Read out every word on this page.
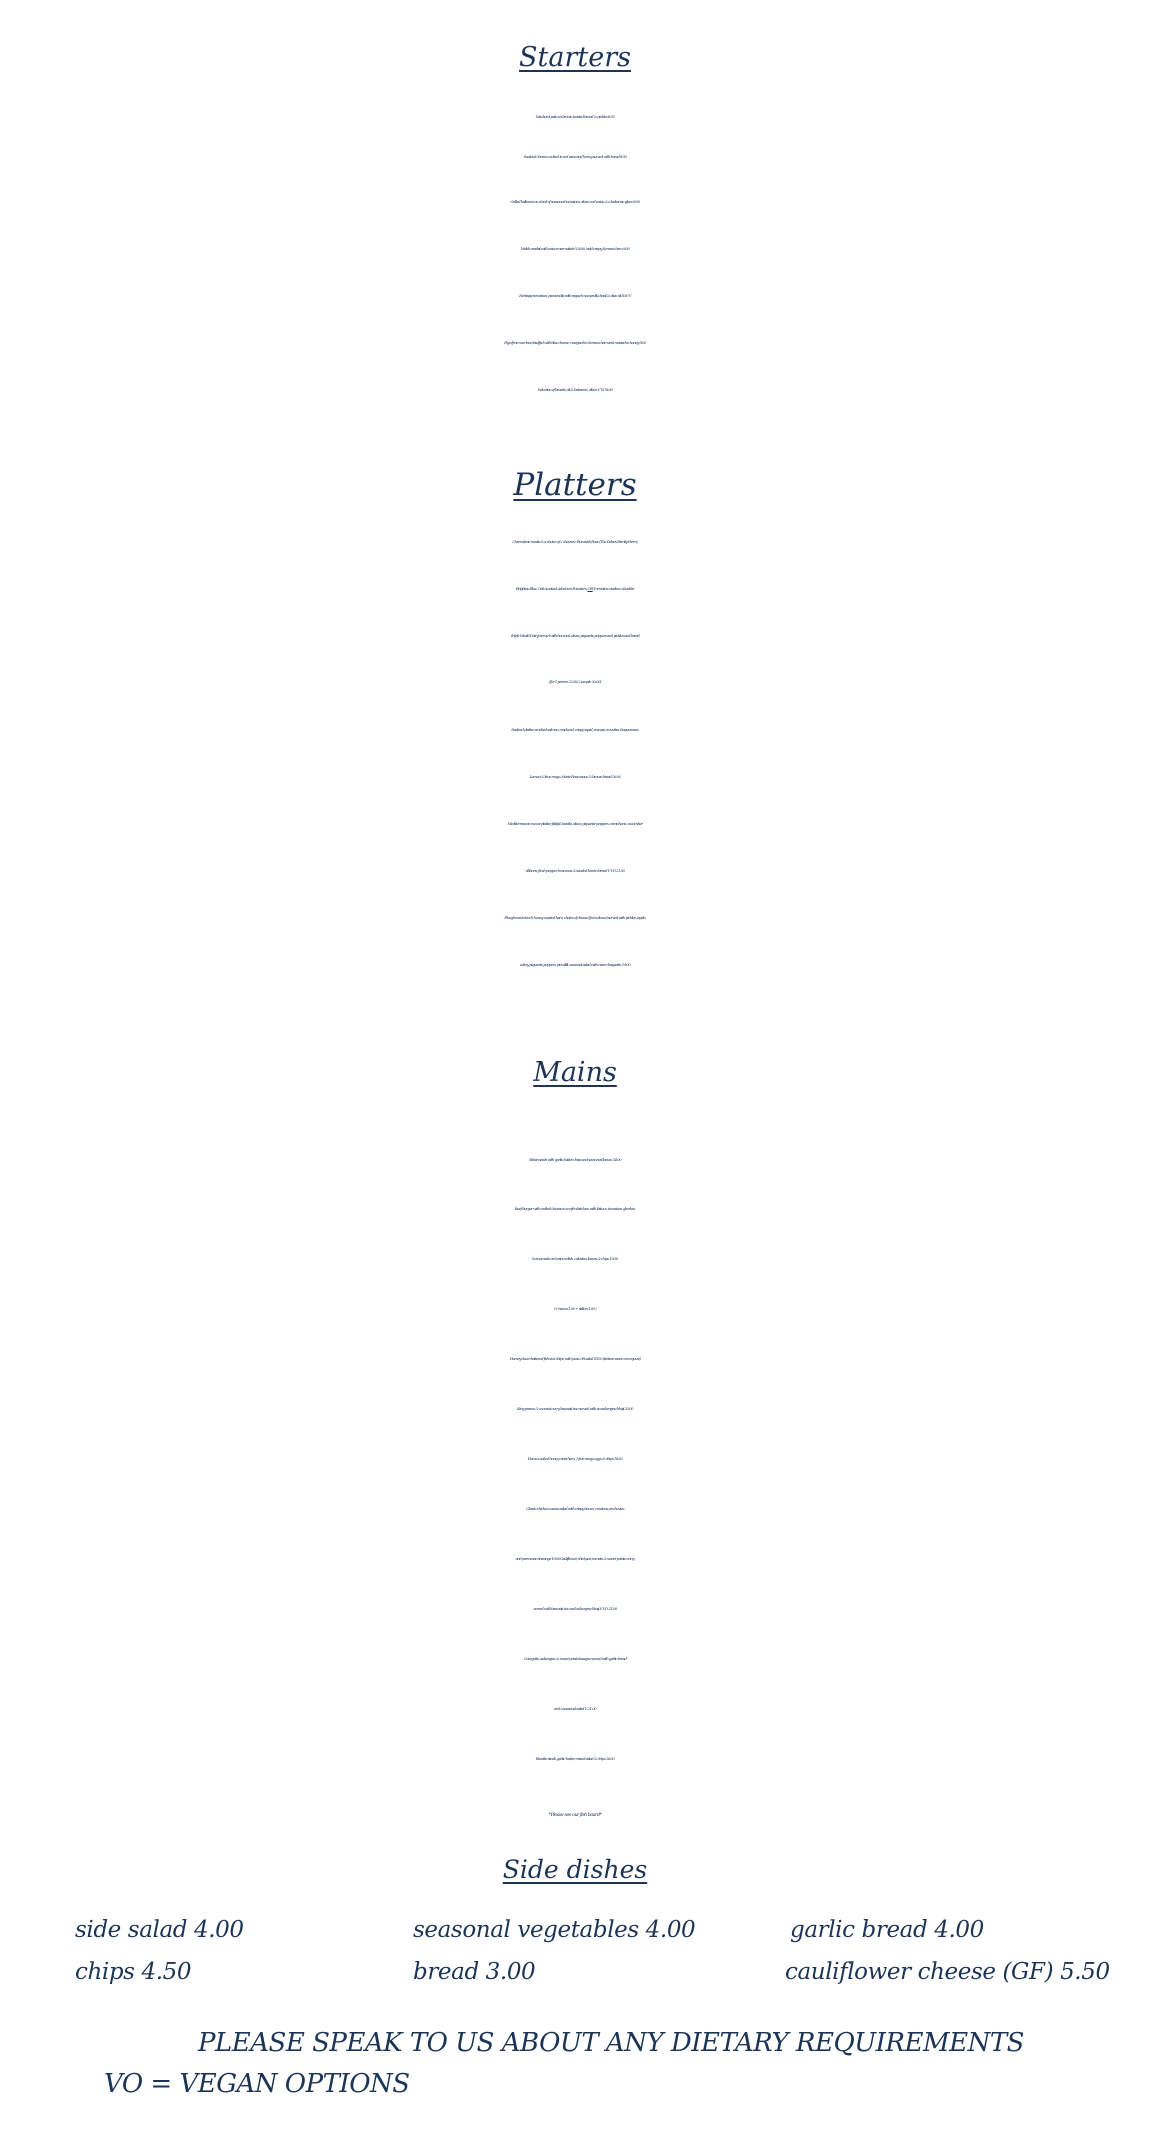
Starters
Mackerel pate on brown toasted bread & pickles 8.50
Sauteed chorizo cooked in red wine and honey, served with bread 8.50
Grilled halloumi on a bed of seasoned tomatoes, olives, red onion & a balsamic glace 8.50
Welsh rarebit with onion marmalade V 8.00 / add crispy Serrano ham 9.00
Heritage tomatoes, panzanella with ripped mozzarella, basil & olive oil 8.50 V
Figs (from our tree!)stuffed with blue cheese, wrapped in Serrano ham and roasted in honey 8.00
Selection of breads, oil & balsamic, olives V VO 8.00
Platters
Charcuterie meats & a choice of 2 cheeses:- Burwash Rose (The Delves Family Farm),
Brighton Blue, Oak smoked Ashdown Foresters, OR Tremains medium cheddar
(High Weald Dairy) served with humous, olives, piquante peppers and pickles and bread
(for 1 person 22.50/ 2 people 26.00)
Seafood platter, smoked salmon, mackerel, crispy squid, scampi, crevettes, boquerones,
Lemon & lime mayo, Marie Rose sauce & brown bread 26.00
Mediterranean mezze platter, falafel, tzatziki, olives, piquante peppers, cornichons, cucumber
ribbons, fresh pepper, houmous & seeded brown bread V VO 21.00
Ploughman's lunch, honey roasted ham, choice of cheese (from above) served with pickles, apple,
celery, piquante peppers, piccalilli, seasonal salad with warm baguette 19.00
Mains
Sirloin steak with garlic butter, chips and seasoned leaves 34.00
Beef burger with melted cheese in a soft white bun with lettuce, tomatoes, gherkin,
homemade red onion relish, coleslaw, leaves & chips 19.50
(+ bacon 1.00 + stilton 1.00 )
Harveys beer battered fish and chips, with peas OR salad 18.50 (tartare sauce on request)
King prawn & coconut curry, basmati rice served with an aubergine bhaji 25.00
Home cooked honey roast ham, 2 free range eggs & chips 18.00
Classic chicken caesar salad with crispy bacon, croutons, anchovies
and parmesan shavings 19.00Cauliflower, chickpea, tomato & sweet potato curry
served with basmati rice and aubergine bhaji V VO 21.00
Courgette, aubergine & sweet potato lasagne served with garlic bread
and a seasonal salad V 21.00
Bavette steak, garlic butter, mixed salad & chips 26.00
*Please see our fish board*
Side dishes
side salad 4.00	seasonal vegetables 4.00	garlic bread 4.00
chips 4.50	bread 3.00	cauliflower cheese (GF) 5.50
PLEASE SPEAK TO US ABOUT ANY DIETARY REQUIREMENTS
VO = VEGAN OPTIONS
